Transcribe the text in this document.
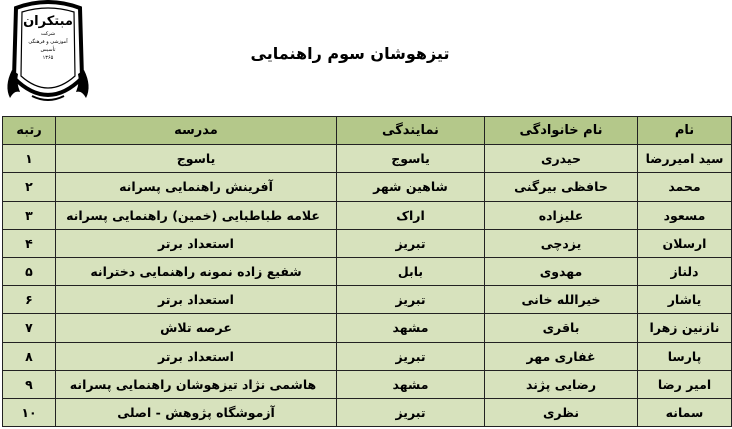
مبتکران
شرکت
آموزشی و فرهنگی
تأسیس
۱۳۶۵	تیزهوشان سوم راهنمایی
نام	نام خانوادگی	نمایندگی	مدرسه	رتبه
سید امیررضا	حیدری	یاسوج	یاسوج	۱
محمد	حافظی بیرگنی	شاهین شهر	آفرینش راهنمایی پسرانه	۲
مسعود	علیزاده	اراک	علامه طباطبایی (خمین) راهنمایی پسرانه	۳
ارسلان	یزدچی	تبریز	استعداد برتر	۴
دلناز	مهدوی	بابل	شفیع زاده نمونه راهنمایی دخترانه	۵
یاشار	خیرالله خانی	تبریز	استعداد برتر	۶
نازنین زهرا	باقری	مشهد	عرصه تلاش	۷
پارسا	غفاری مهر	تبریز	استعداد برتر	۸
امیر رضا	رضایی پژند	مشهد	هاشمی نژاد تیزهوشان راهنمایی پسرانه	۹
سمانه	نظری	تبریز	آزموشگاه پژوهش - اصلی	۱۰
